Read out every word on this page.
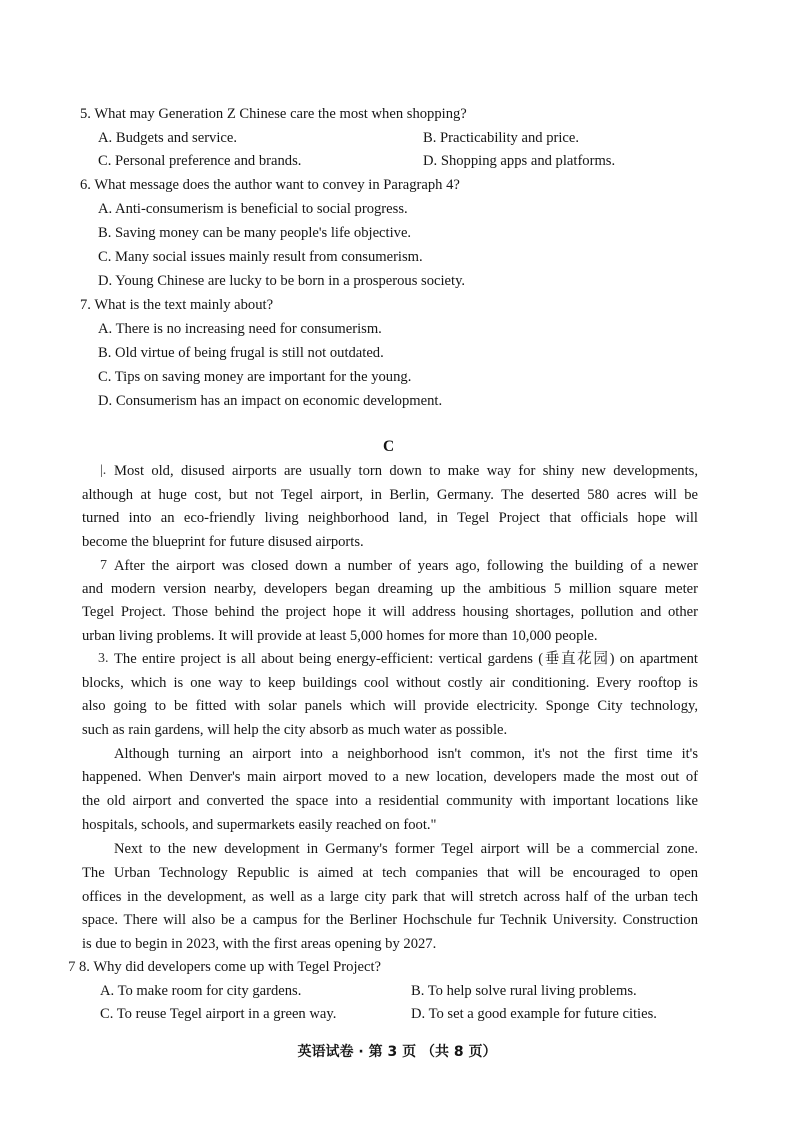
5. What may Generation Z Chinese care the most when shopping?
A. Budgets and service.	B. Practicability and price.
C. Personal preference and brands.	D. Shopping apps and platforms.
6. What message does the author want to convey in Paragraph 4?
A. Anti-consumerism is beneficial to social progress.
B. Saving money can be many people's life objective.
C. Many social issues mainly result from consumerism.
D. Young Chinese are lucky to be born in a prosperous society.
7. What is the text mainly about?
A. There is no increasing need for consumerism.
B. Old virtue of being frugal is still not outdated.
C. Tips on saving money are important for the young.
D. Consumerism has an impact on economic development.
C
|. Most old, disused airports are usually torn down to make way for shiny new developments,
although at huge cost, but not Tegel airport, in Berlin, Germany. The deserted 580 acres will be
turned into an eco-friendly living neighborhood land, in Tegel Project that officials hope will
become the blueprint for future disused airports.
7 After the airport was closed down a number of years ago, following the building of a newer
and modern version nearby, developers began dreaming up the ambitious 5 million square meter
Tegel Project. Those behind the project hope it will address housing shortages, pollution and other
urban living problems. It will provide at least 5,000 homes for more than 10,000 people.
3. The entire project is all about being energy-efficient: vertical gardens (垂直花园) on apartment
blocks, which is one way to keep buildings cool without costly air conditioning. Every rooftop is
also going to be fitted with solar panels which will provide electricity. Sponge City technology,
such as rain gardens, will help the city absorb as much water as possible.
Although turning an airport into a neighborhood isn't common, it's not the first time it's
happened. When Denver's main airport moved to a new location, developers made the most out of
the old airport and converted the space into a residential community with important locations like
hospitals, schools, and supermarkets easily reached on foot."
Next to the new development in Germany's former Tegel airport will be a commercial zone.
The Urban Technology Republic is aimed at tech companies that will be encouraged to open
offices in the development, as well as a large city park that will stretch across half of the urban tech
space. There will also be a campus for the Berliner Hochschule fur Technik University. Construction
is due to begin in 2023, with the first areas opening by 2027.
7 8. Why did developers come up with Tegel Project?
A. To make room for city gardens.	B. To help solve rural living problems.
C. To reuse Tegel airport in a green way.	D. To set a good example for future cities.
英语试卷 · 第 3 页 （共 8 页）
